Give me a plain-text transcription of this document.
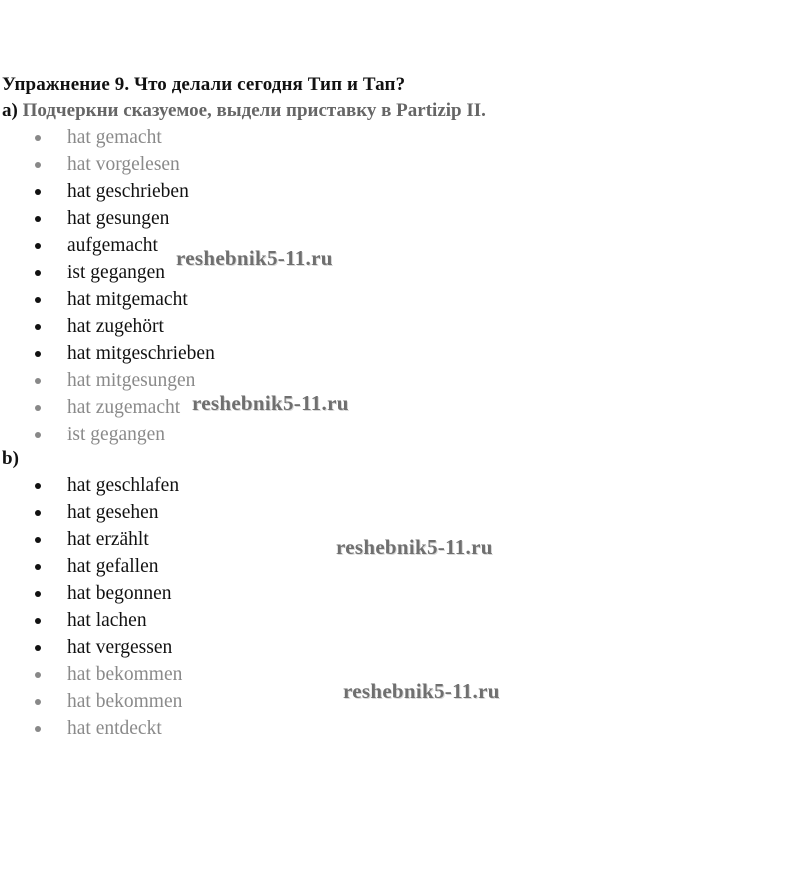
Упражнение 9. Что делали сегодня Тип и Тап?
а) Подчеркни сказуемое, выдели приставку в Partizip II.
hat gemacht
hat vorgelesen
hat geschrieben
hat gesungen
aufgemacht
ist gegangen
hat mitgemacht
hat zugehört
hat mitgeschrieben
hat mitgesungen
hat zugemacht
ist gegangen
b)
hat geschlafen
hat gesehen
hat erzählt
hat gefallen
hat begonnen
hat lachen
hat vergessen
hat bekommen
hat bekommen
hat entdeckt
reshebnik5-11.ru
reshebnik5-11.ru
reshebnik5-11.ru
reshebnik5-11.ru
